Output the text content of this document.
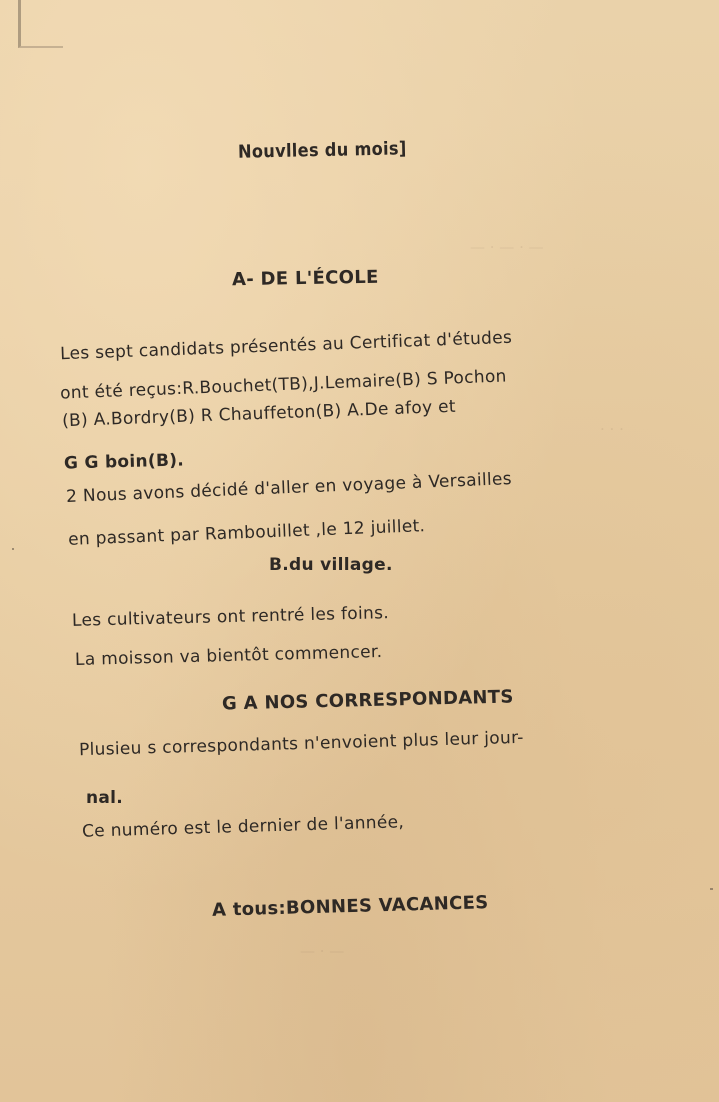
— · — · —
· · ·
— · —
Nouvlles du mois]
A- DE L'ÉCOLE
Les sept candidats présentés au Certificat d'études
ont été reçus:R.Bouchet(TB),J.Lemaire(B) S Pochon
(B) A.Bordry(B) R Chauffeton(B) A.De afoy et
G G boin(B).
2 Nous avons décidé d'aller en voyage à Versailles
en passant par Rambouillet ,le 12 juillet.
B.du village.
Les cultivateurs ont rentré les foins.
La moisson va bientôt commencer.
G A NOS CORRESPONDANTS
Plusieu s correspondants n'envoient plus leur jour-
nal.
Ce numéro est le dernier de l'année,
A tous:BONNES VACANCES
